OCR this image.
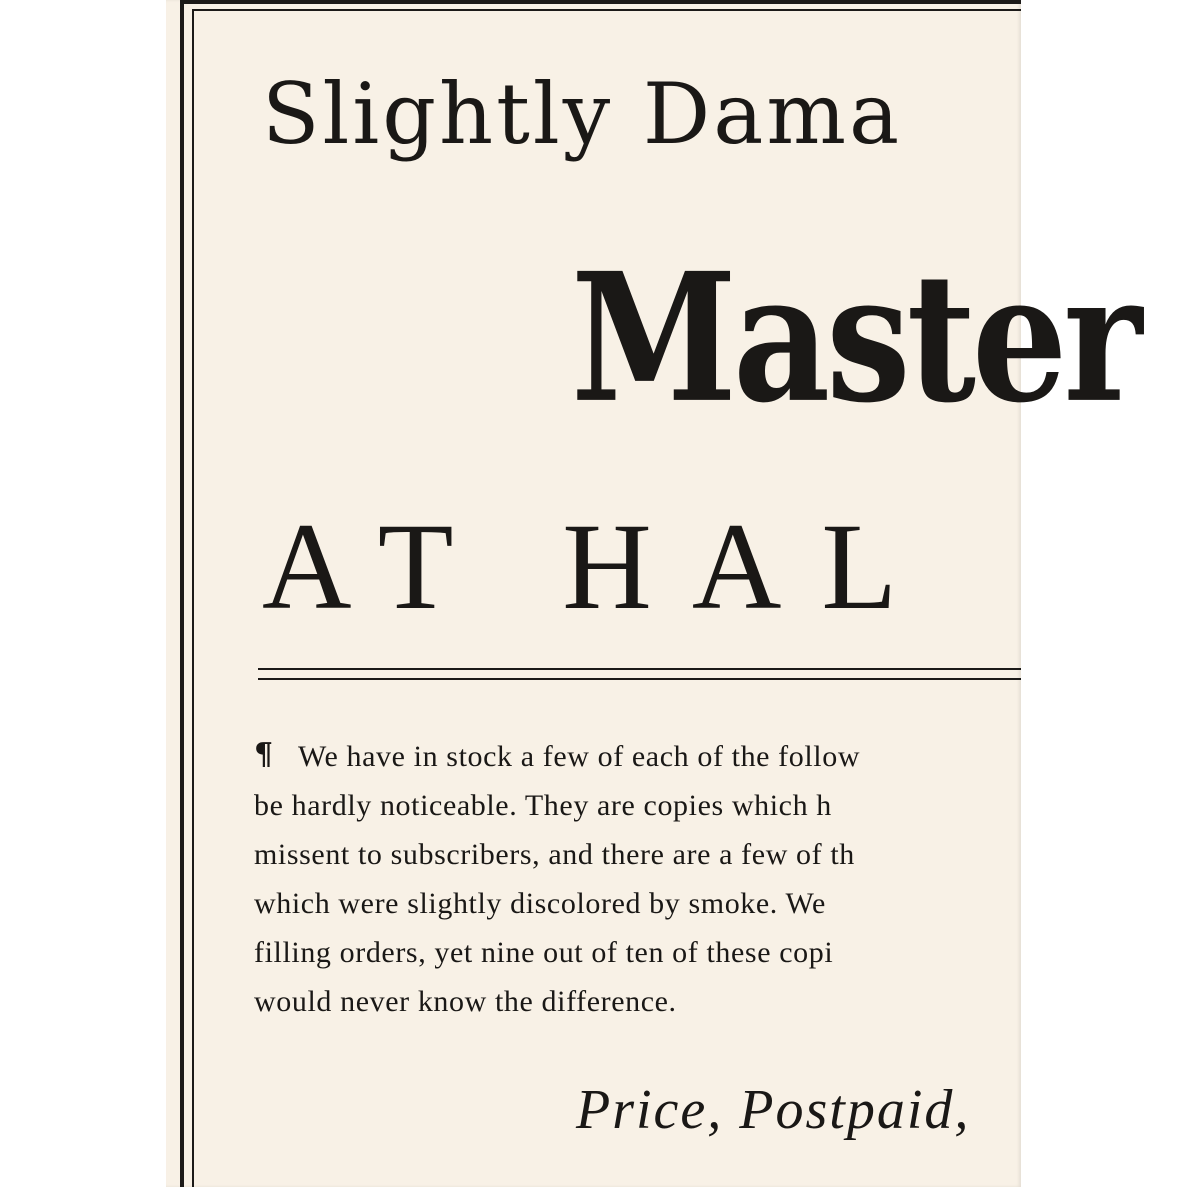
Slightly Dama

Master

AT HAL

¶ We have in stock a few of each of the follow

be hardly noticeable. They are copies which h

missent to subscribers, and there are a few of th

which were slightly discolored by smoke. We

filling orders, yet nine out of ten of these copi

would never know the difference.

Price, Postpaid,
